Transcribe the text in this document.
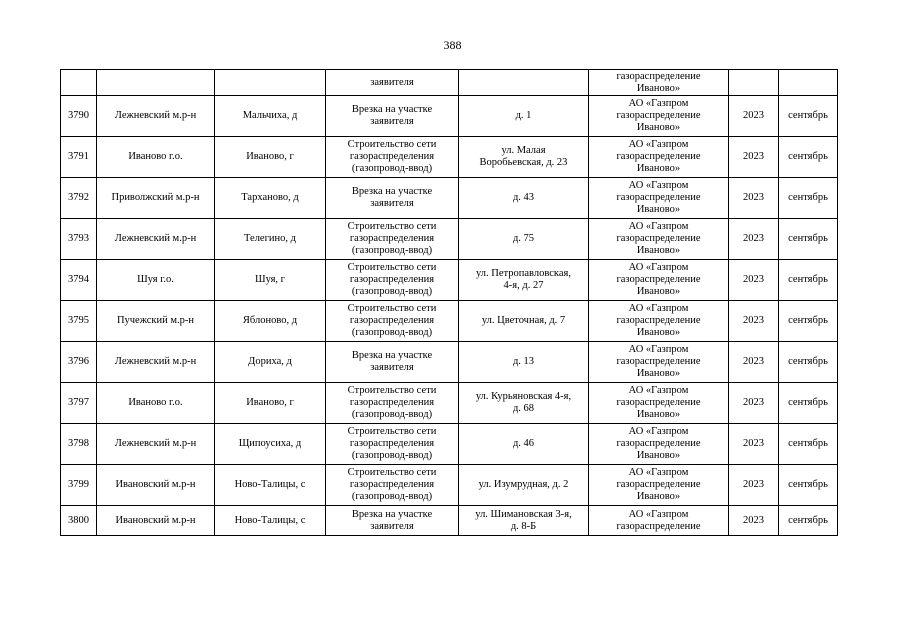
388
			заявителя		газораспределение
Иваново»		
3790	Лежневский м.р-н	Мальчиха, д	Врезка на участке
заявителя	д. 1	АО «Газпром
газораспределение
Иваново»	2023	сентябрь
3791	Иваново г.о.	Иваново, г	Строительство сети
газораспределения
(газопровод-ввод)	ул. Малая
Воробьевская, д. 23	АО «Газпром
газораспределение
Иваново»	2023	сентябрь
3792	Приволжский м.р-н	Тарханово, д	Врезка на участке
заявителя	д. 43	АО «Газпром
газораспределение
Иваново»	2023	сентябрь
3793	Лежневский м.р-н	Телегино, д	Строительство сети
газораспределения
(газопровод-ввод)	д. 75	АО «Газпром
газораспределение
Иваново»	2023	сентябрь
3794	Шуя г.о.	Шуя, г	Строительство сети
газораспределения
(газопровод-ввод)	ул. Петропавловская,
4-я, д. 27	АО «Газпром
газораспределение
Иваново»	2023	сентябрь
3795	Пучежский м.р-н	Яблоново, д	Строительство сети
газораспределения
(газопровод-ввод)	ул. Цветочная, д. 7	АО «Газпром
газораспределение
Иваново»	2023	сентябрь
3796	Лежневский м.р-н	Дориха, д	Врезка на участке
заявителя	д. 13	АО «Газпром
газораспределение
Иваново»	2023	сентябрь
3797	Иваново г.о.	Иваново, г	Строительство сети
газораспределения
(газопровод-ввод)	ул. Курьяновская 4-я,
д. 68	АО «Газпром
газораспределение
Иваново»	2023	сентябрь
3798	Лежневский м.р-н	Щипоусиха, д	Строительство сети
газораспределения
(газопровод-ввод)	д. 46	АО «Газпром
газораспределение
Иваново»	2023	сентябрь
3799	Ивановский м.р-н	Ново-Талицы, с	Строительство сети
газораспределения
(газопровод-ввод)	ул. Изумрудная, д. 2	АО «Газпром
газораспределение
Иваново»	2023	сентябрь
3800	Ивановский м.р-н	Ново-Талицы, с	Врезка на участке
заявителя	ул. Шимановская 3-я,
д. 8-Б	АО «Газпром
газораспределение	2023	сентябрь
